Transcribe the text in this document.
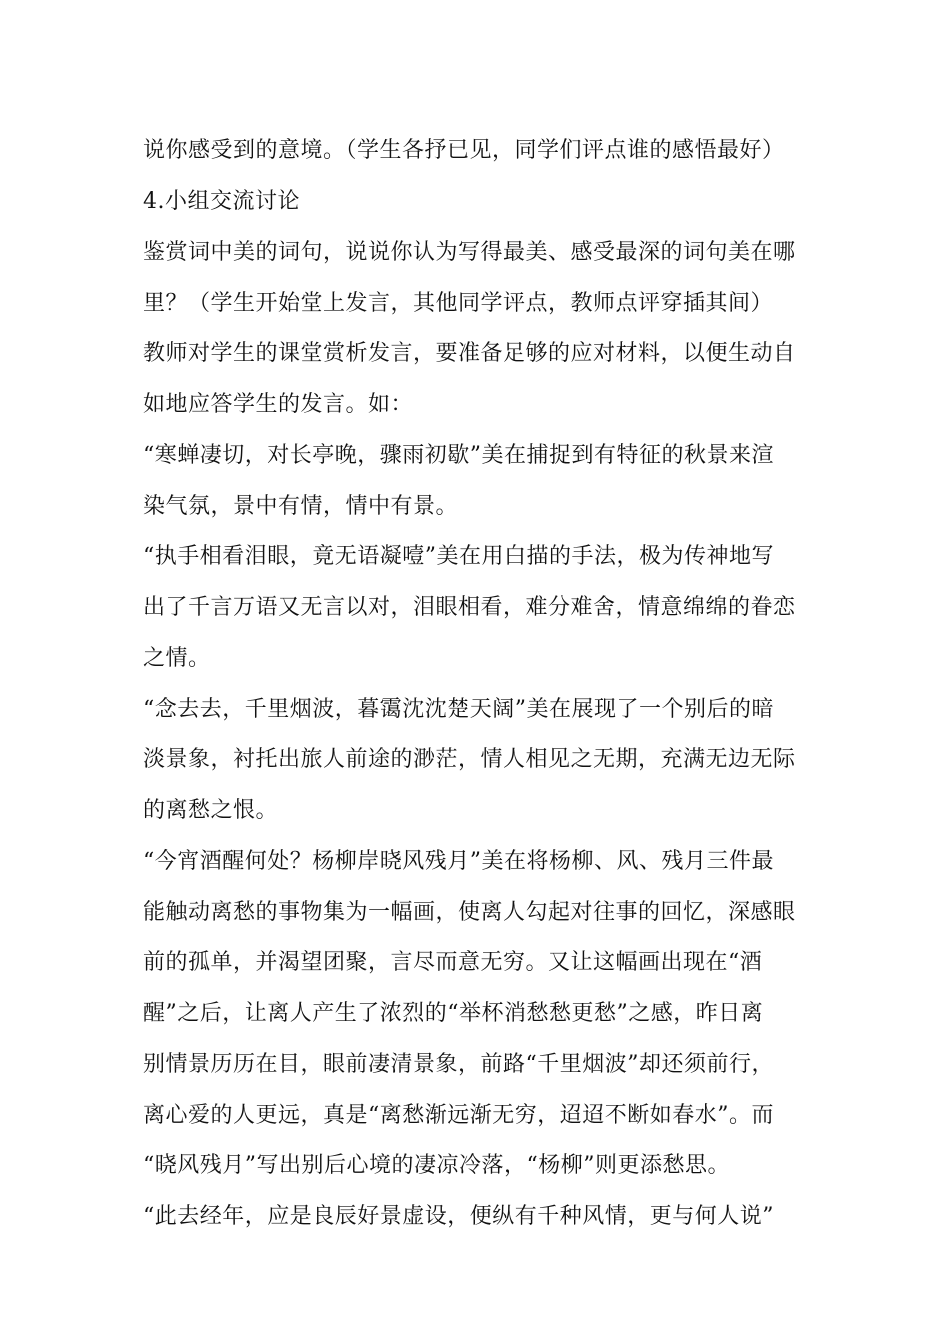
说你感受到的意境。（学生各抒已见，同学们评点谁的感悟最好）
4.小组交流讨论
鉴赏词中美的词句，说说你认为写得最美、感受最深的词句美在哪
里？（学生开始堂上发言，其他同学评点，教师点评穿插其间）
教师对学生的课堂赏析发言，要准备足够的应对材料，以便生动自
如地应答学生的发言。如：
“寒蝉凄切，对长亭晚，骤雨初歇”美在捕捉到有特征的秋景来渲
染气氛，景中有情，情中有景。
“执手相看泪眼，竟无语凝噎”美在用白描的手法，极为传神地写
出了千言万语又无言以对，泪眼相看，难分难舍，情意绵绵的眷恋
之情。
“念去去，千里烟波，暮霭沈沈楚天阔”美在展现了一个别后的暗
淡景象，衬托出旅人前途的渺茫，情人相见之无期，充满无边无际
的离愁之恨。
“今宵酒醒何处？杨柳岸晓风残月”美在将杨柳、风、残月三件最
能触动离愁的事物集为一幅画，使离人勾起对往事的回忆，深感眼
前的孤单，并渴望团聚，言尽而意无穷。又让这幅画出现在“酒
醒”之后，让离人产生了浓烈的“举杯消愁愁更愁”之感，昨日离
别情景历历在目，眼前凄清景象，前路“千里烟波”却还须前行，
离心爱的人更远，真是“离愁渐远渐无穷，迢迢不断如春水”。而
“晓风残月”写出别后心境的凄凉冷落，“杨柳”则更添愁思。
“此去经年，应是良辰好景虚设，便纵有千种风情，更与何人说”
